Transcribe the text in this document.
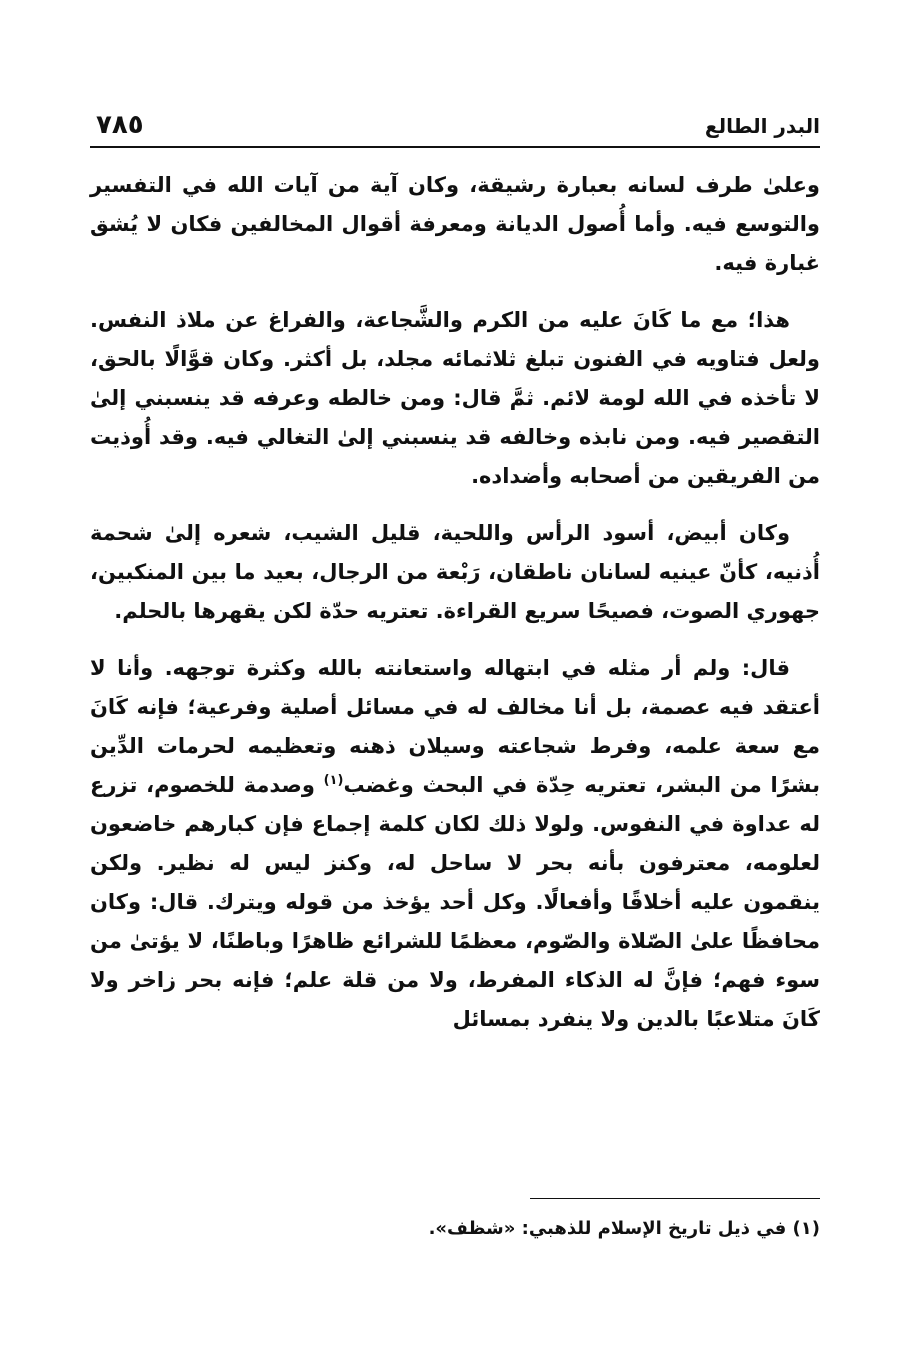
البدر الطالع
٧٨٥

وعلىٰ طرف لسانه بعبارة رشيقة، وكان آية من آيات الله في التفسير والتوسع فيه. وأما أُصول الديانة ومعرفة أقوال المخالفين فكان لا يُشق غبارة فيه.

هذا؛ مع ما كَانَ عليه من الكرم والشَّجاعة، والفراغ عن ملاذ النفس. ولعل فتاويه في الفنون تبلغ ثلاثمائه مجلد، بل أكثر. وكان قوَّالًا بالحق، لا تأخذه في الله لومة لائم. ثمَّ قال: ومن خالطه وعرفه قد ينسبني إلىٰ التقصير فيه. ومن نابذه وخالفه قد ينسبني إلىٰ التغالي فيه. وقد أُوذيت من الفريقين من أصحابه وأضداده.

وكان أبيض، أسود الرأس واللحية، قليل الشيب، شعره إلىٰ شحمة أُذنيه، كأنّ عينيه لسانان ناطقان، رَبْعة من الرجال، بعيد ما بين المنكبين، جهوري الصوت، فصيحًا سريع القراءة. تعتريه حدّة لكن يقهرها بالحلم.

قال: ولم أر مثله في ابتهاله واستعانته بالله وكثرة توجهه. وأنا لا أعتقد فيه عصمة، بل أنا مخالف له في مسائل أصلية وفرعية؛ فإنه كَانَ مع سعة علمه، وفرط شجاعته وسيلان ذهنه وتعظيمه لحرمات الدِّين بشرًا من البشر، تعتريه حِدّة في البحث وغضب$^{(١)}$ وصدمة للخصوم، تزرع له عداوة في النفوس. ولولا ذلك لكان كلمة إجماع فإن كبارهم خاضعون لعلومه، معترفون بأنه بحر لا ساحل له، وكنز ليس له نظير. ولكن ينقمون عليه أخلاقًا وأفعالًا. وكل أحد يؤخذ من قوله ويترك. قال: وكان محافظًا علىٰ الصّلاة والصّوم، معظمًا للشرائع ظاهرًا وباطنًا، لا يؤتىٰ من سوء فهم؛ فإنَّ له الذكاء المفرط، ولا من قلة علم؛ فإنه بحر زاخر ولا كَانَ متلاعبًا بالدين ولا ينفرد بمسائل

(١) في ذيل تاريخ الإسلام للذهبي: «شظف».
